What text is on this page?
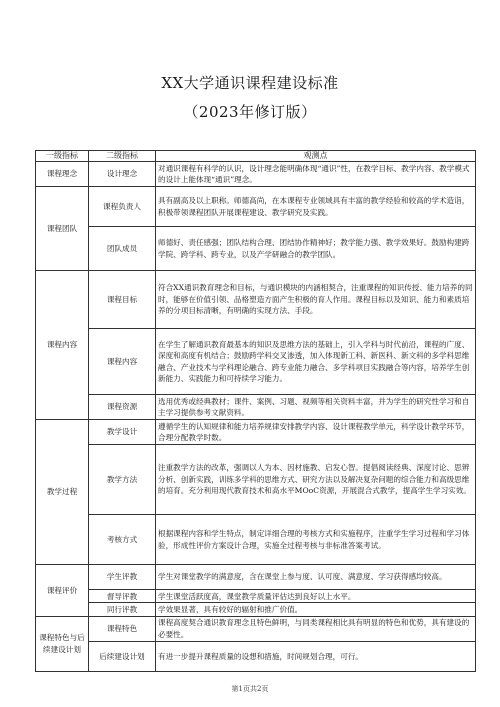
XX大学通识课程建设标准
（2023年修订版）
一级指标	二级指标	观测点
课程理念	设计理念	对通识课程有科学的认识，设计理念能明确体现“通识”性，在教学目标、教学内容、教学模式的设计上能体现“通识”理念。
课程团队	课程负责人	具有副高及以上职称。师德高尚，在本课程专业领域具有丰富的教学经验和较高的学术造诣，积极带领课程团队开展课程建设、教学研究及实践。
	团队成员	师德好、责任感强；团队结构合理、团结协作精神好；教学能力强、教学效果好。鼓励构建跨学院、跨学科、跨专业，以及产学研融合的教学团队。
课程内容	课程目标	符合XX通识教育理念和目标，与通识模块的内涵相契合，注重课程的知识传授、能力培养的同时，能够在价值引领、品格塑造方面产生积极的育人作用。课程目标以及知识、能力和素质培养的分项目标清晰，有明确的实现方法、手段。
	课程内容	在学生了解通识教育最基本的知识及思维方法的基础上，引入学科与时代前沿，课程的广度、深度和高度有机结合；鼓励跨学科交叉渗透，加入体现新工科、新医科、新文科的多学科思维融合、产业技术与学科理论融合、跨专业能力融合、多学科项目实践融合等内容，培养学生创新能力、实践能力和可持续学习能力。
	课程资源	选用优秀或经典教材；课件、案例、习题、视频等相关资料丰富，并为学生的研究性学习和自主学习提供参考文献资料。
教学过程	教学设计	遵循学生的认知规律和能力培养规律安排教学内容、设计课程教学单元，科学设计教学环节，合理分配教学时数。
	教学方法	注重教学方法的改革，强调以人为本、因材施教、启发心智。提倡阅读经典、深度讨论、思辨分析、创新实践，训练多学科的思维方式、研究方法以及解决复杂问题的综合能力和高级思维的培育。充分利用现代教育技术和高水平MOoC资源，开展混合式教学，提高学生学习实效。
	考核方式	根据课程内容和学生特点，制定详细合理的考核方式和实施程序，注重学生学习过程和学习体验，形成性评价方案设计合理，实施全过程考核与非标准答案考试。
课程评价	学生评教	学生对课堂教学的满意度，含在课堂上参与度、认可度、满意度、学习获得感均较高。
	督导评教	学生课堂活跃度高，课堂教学质量评估达到良好以上水平。
	同行评教	学效果显著，具有较好的辐射和推广价值。
课程特色与后续建设计划	课程特色	课程高度契合通识教育理念且特色鲜明，与同类课程相比具有明显的特色和优势，具有建设的必要性。
	后续建设计划	有进一步提升课程质量的设想和措施，时间规划合理，可行。
第1页共2页
